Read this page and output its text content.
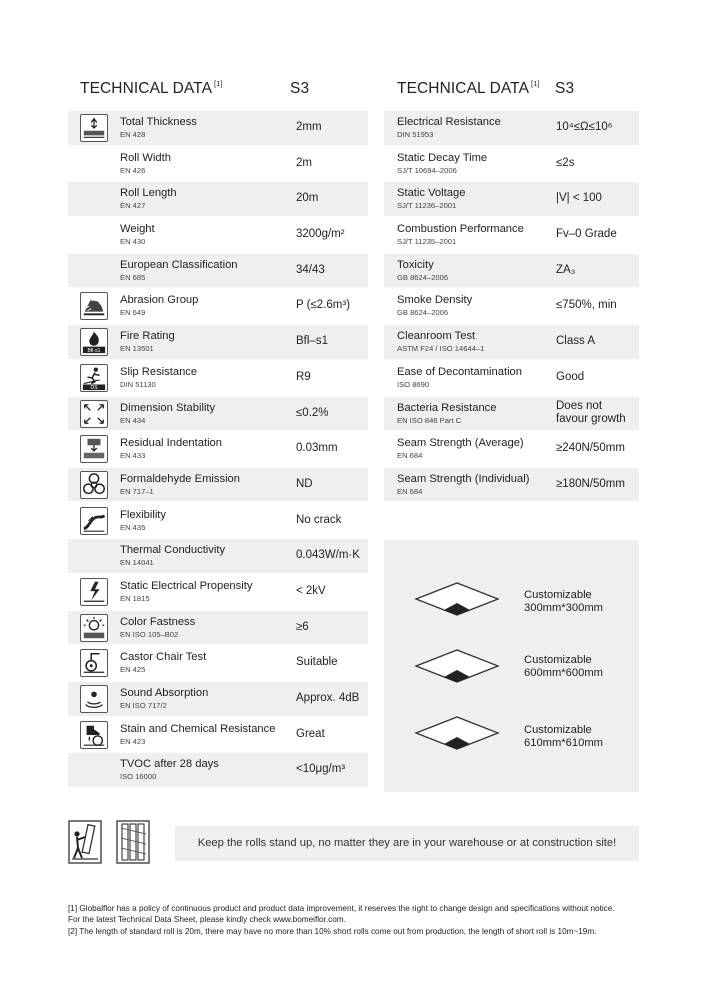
TECHNICAL DATA [1]	S3
Total Thickness
EN 428
2mm
Roll Width
EN 426
2m
Roll Length
EN 427
20m
Weight
EN 430
3200g/m²
European Classification
EN 685
34/43
Abrasion Group
EN 649
P (≤2.6m³)
Bfl-s1
Fire Rating
EN 13501
Bfl–s1
DS
Slip Resistance
DIN 51130
R9
Dimension Stability
EN 434
≤0.2%
Residual Indentation
EN 433
0.03mm
Formaldehyde Emission
EN 717–1
ND
Flexibility
EN 435
No crack
Thermal Conductivity
EN 14041
0.043W/m·K
Static Electrical Propensity
EN 1815
< 2kV
Color Fastness
EN ISO 105–B02
≥6
Castor Chair Test
EN 425
Suitable
Sound Absorption
EN ISO 717/2
Approx. 4dB
Stain and Chemical Resistance
EN 423
Great
TVOC after 28 days
ISO 16000
<10μg/m³
TECHNICAL DATA [1] S3
Electrical Resistance
DIN 51953
10⁴≤Ω≤10⁶
Static Decay Time
SJ/T 10694–2006
≤2s
Static Voltage
SJ/T 11236–2001
|V| < 100
Combustion Performance
SJ/T 11235–2001
Fv–0 Grade
Toxicity
GB 8624–2006
ZA₃
Smoke Density
GB 8624–2006
≤750%, min
Cleanroom Test
ASTM F24 / ISO 14644–1
Class A
Ease of Decontamination
ISO 8690
Good
Bacteria Resistance
EN ISO 846 Part C
Does not
favour growth
Seam Strength (Average)
EN 684
≥240N/50mm
Seam Strength (Individual)
EN 684
≥180N/50mm
Customizable
300mm*300mm
Customizable
600mm*600mm
Customizable
610mm*610mm
Keep the rolls stand up, no matter they are in your warehouse or at construction site!

[1] Globalflor has a policy of continuous product and product data improvement, it reserves the right to change design and specifications without notice.

For the latest Technical Data Sheet, please kindly check www.bomeiflor.com.

[2] The length of standard roll is 20m, there may have no more than 10% short rolls come out from production, the length of short roll is 10m~19m.
